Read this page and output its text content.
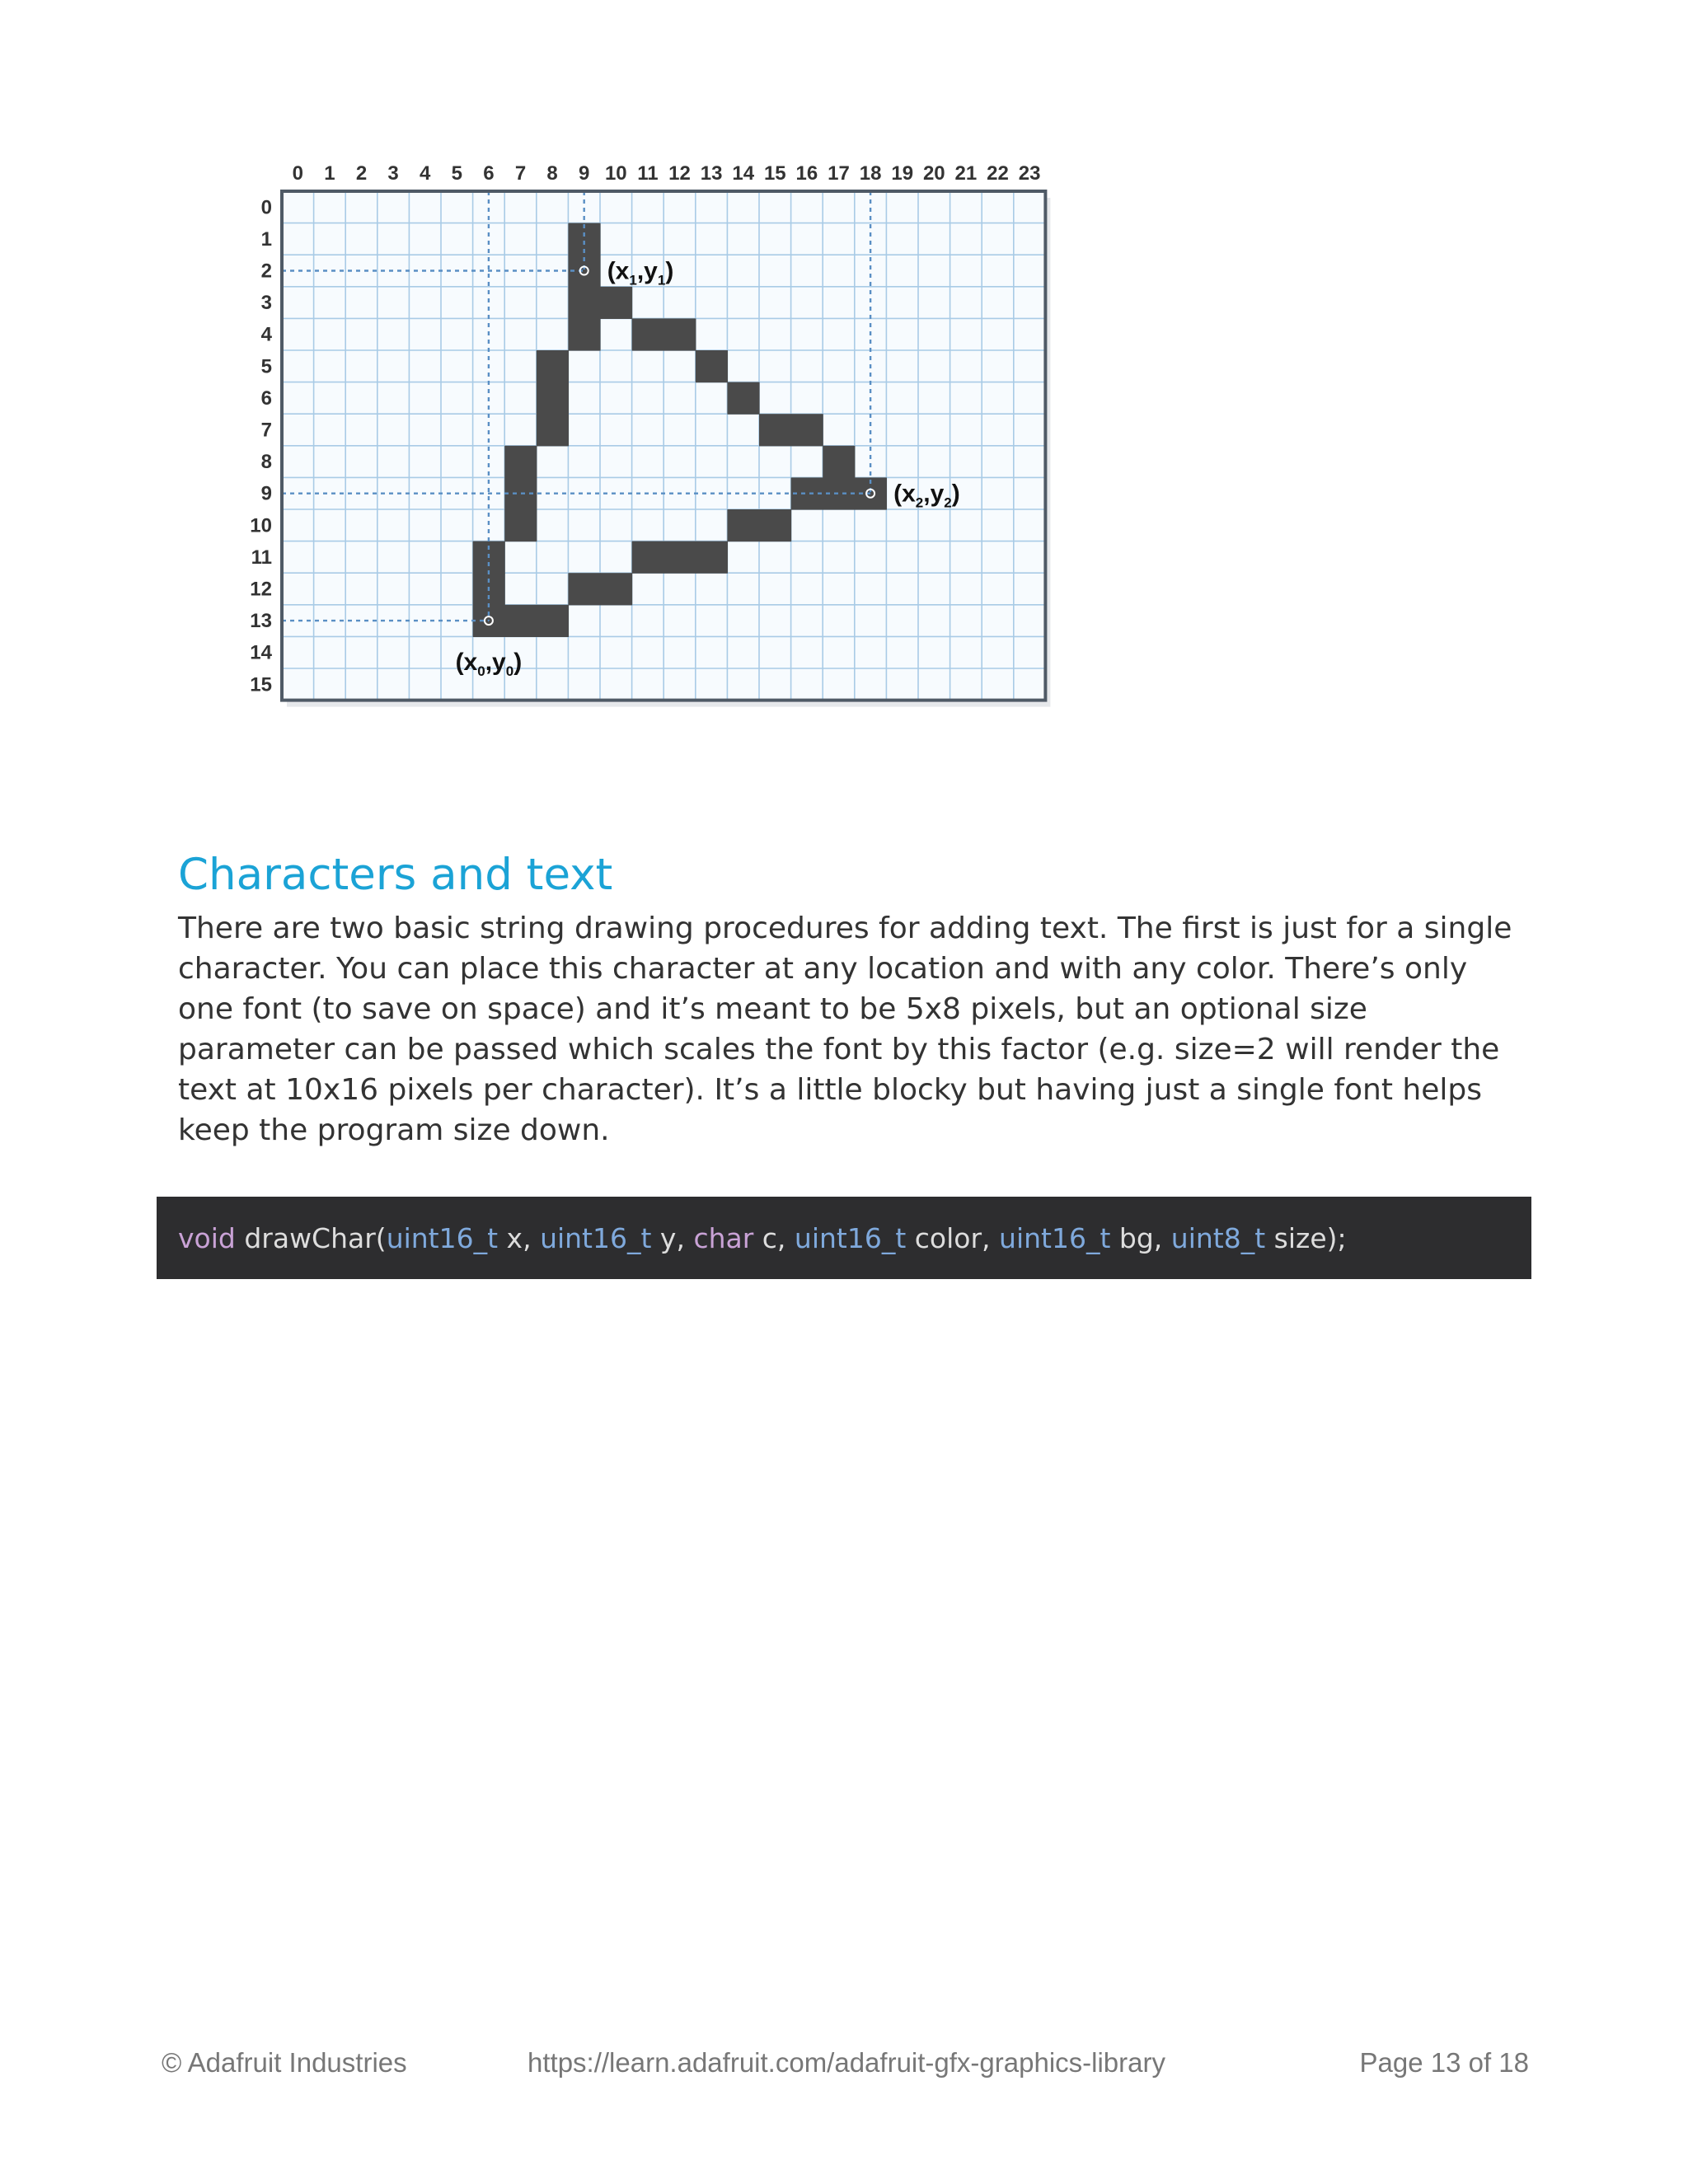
0 1 2 3 4 5 6 7 8 9 10 11 12 13 14 15 16 17 18 19 20 21 22 23
0
1
2
3
4
5
6
7
8
9
10
11
12
13
14
15
$(x_1,y_1)$
$(x_2,y_2)$
$(x_0,y_0)$
Characters and text

There are two basic string drawing procedures for adding text. The first is just for a single character. You can place this character at any location and with any color. There’s only one font (to save on space) and it’s meant to be 5x8 pixels, but an optional size parameter can be passed which scales the font by this factor (e.g. size=2 will render the text at 10x16 pixels per character). It’s a little blocky but having just a single font helps keep the program size down.

void drawChar( uint16_t x, uint16_t y, char c, uint16_t color, uint16_t bg, uint8_t size);
© Adafruit Industries	https://learn.adafruit.com/adafruit-gfx-graphics-library	Page 13 of 18
